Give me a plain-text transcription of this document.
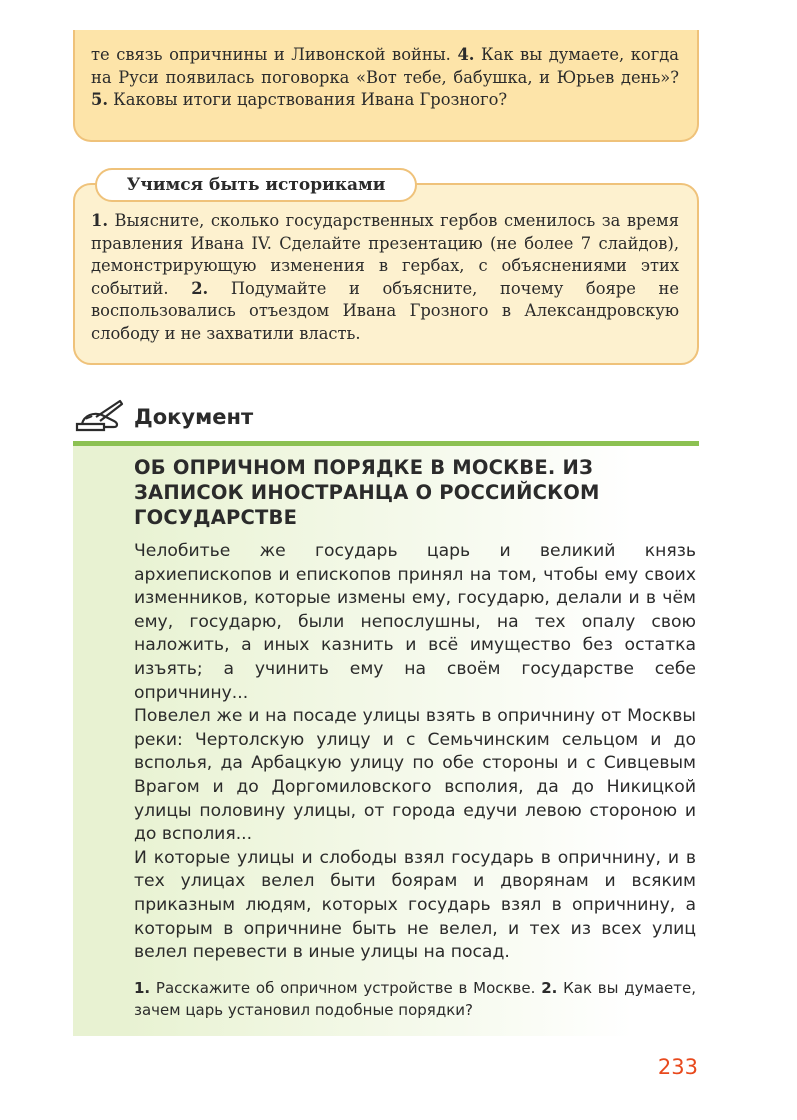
те связь опричнины и Ливонской войны. 4. Как вы думаете, когда на Руси появилась поговорка «Вот тебе, бабушка, и Юрьев день»? 5. Каковы итоги царствования Ивана Грозного?
1. Выясните, сколько государственных гербов сменилось за время правления Ивана IV. Сделайте презентацию (не более 7 слайдов), демонстрирующую изменения в гербах, с объяснениями этих событий. 2. Подумайте и объясните, почему бояре не воспользовались отъездом Ивана Грозного в Александровскую слободу и не захватили власть.
Учимся быть историками
Документ
ОБ ОПРИЧНОМ ПОРЯДКЕ В МОСКВЕ. ИЗ ЗАПИСОК ИНОСТРАНЦА О РОССИЙСКОМ ГОСУДАРСТВЕ

Челобитье же государь царь и великий князь архиепископов и епископов принял на том, чтобы ему своих изменников, которые измены ему, государю, делали и в чём ему, государю, были непослушны, на тех опалу свою наложить, а иных казнить и всё имущество без остатка изъять; а учинить ему на своём государстве себе опричнину...

Повелел же и на посаде улицы взять в опричнину от Москвы реки: Чертолскую улицу и с Семьчинским сельцом и до всполья, да Арбацкую улицу по обе стороны и с Сивцевым Врагом и до Доргомиловского всполия, да до Никицкой улицы половину улицы, от города едучи левою стороною и до всполия...

И которые улицы и слободы взял государь в опричнину, и в тех улицах велел быти боярам и дворянам и всяким приказным людям, которых государь взял в опричнину, а которым в опричнине быть не велел, и тех из всех улиц велел перевести в иные улицы на посад.

1. Расскажите об опричном устройстве в Москве. 2. Как вы думаете, зачем царь установил подобные порядки?

233
